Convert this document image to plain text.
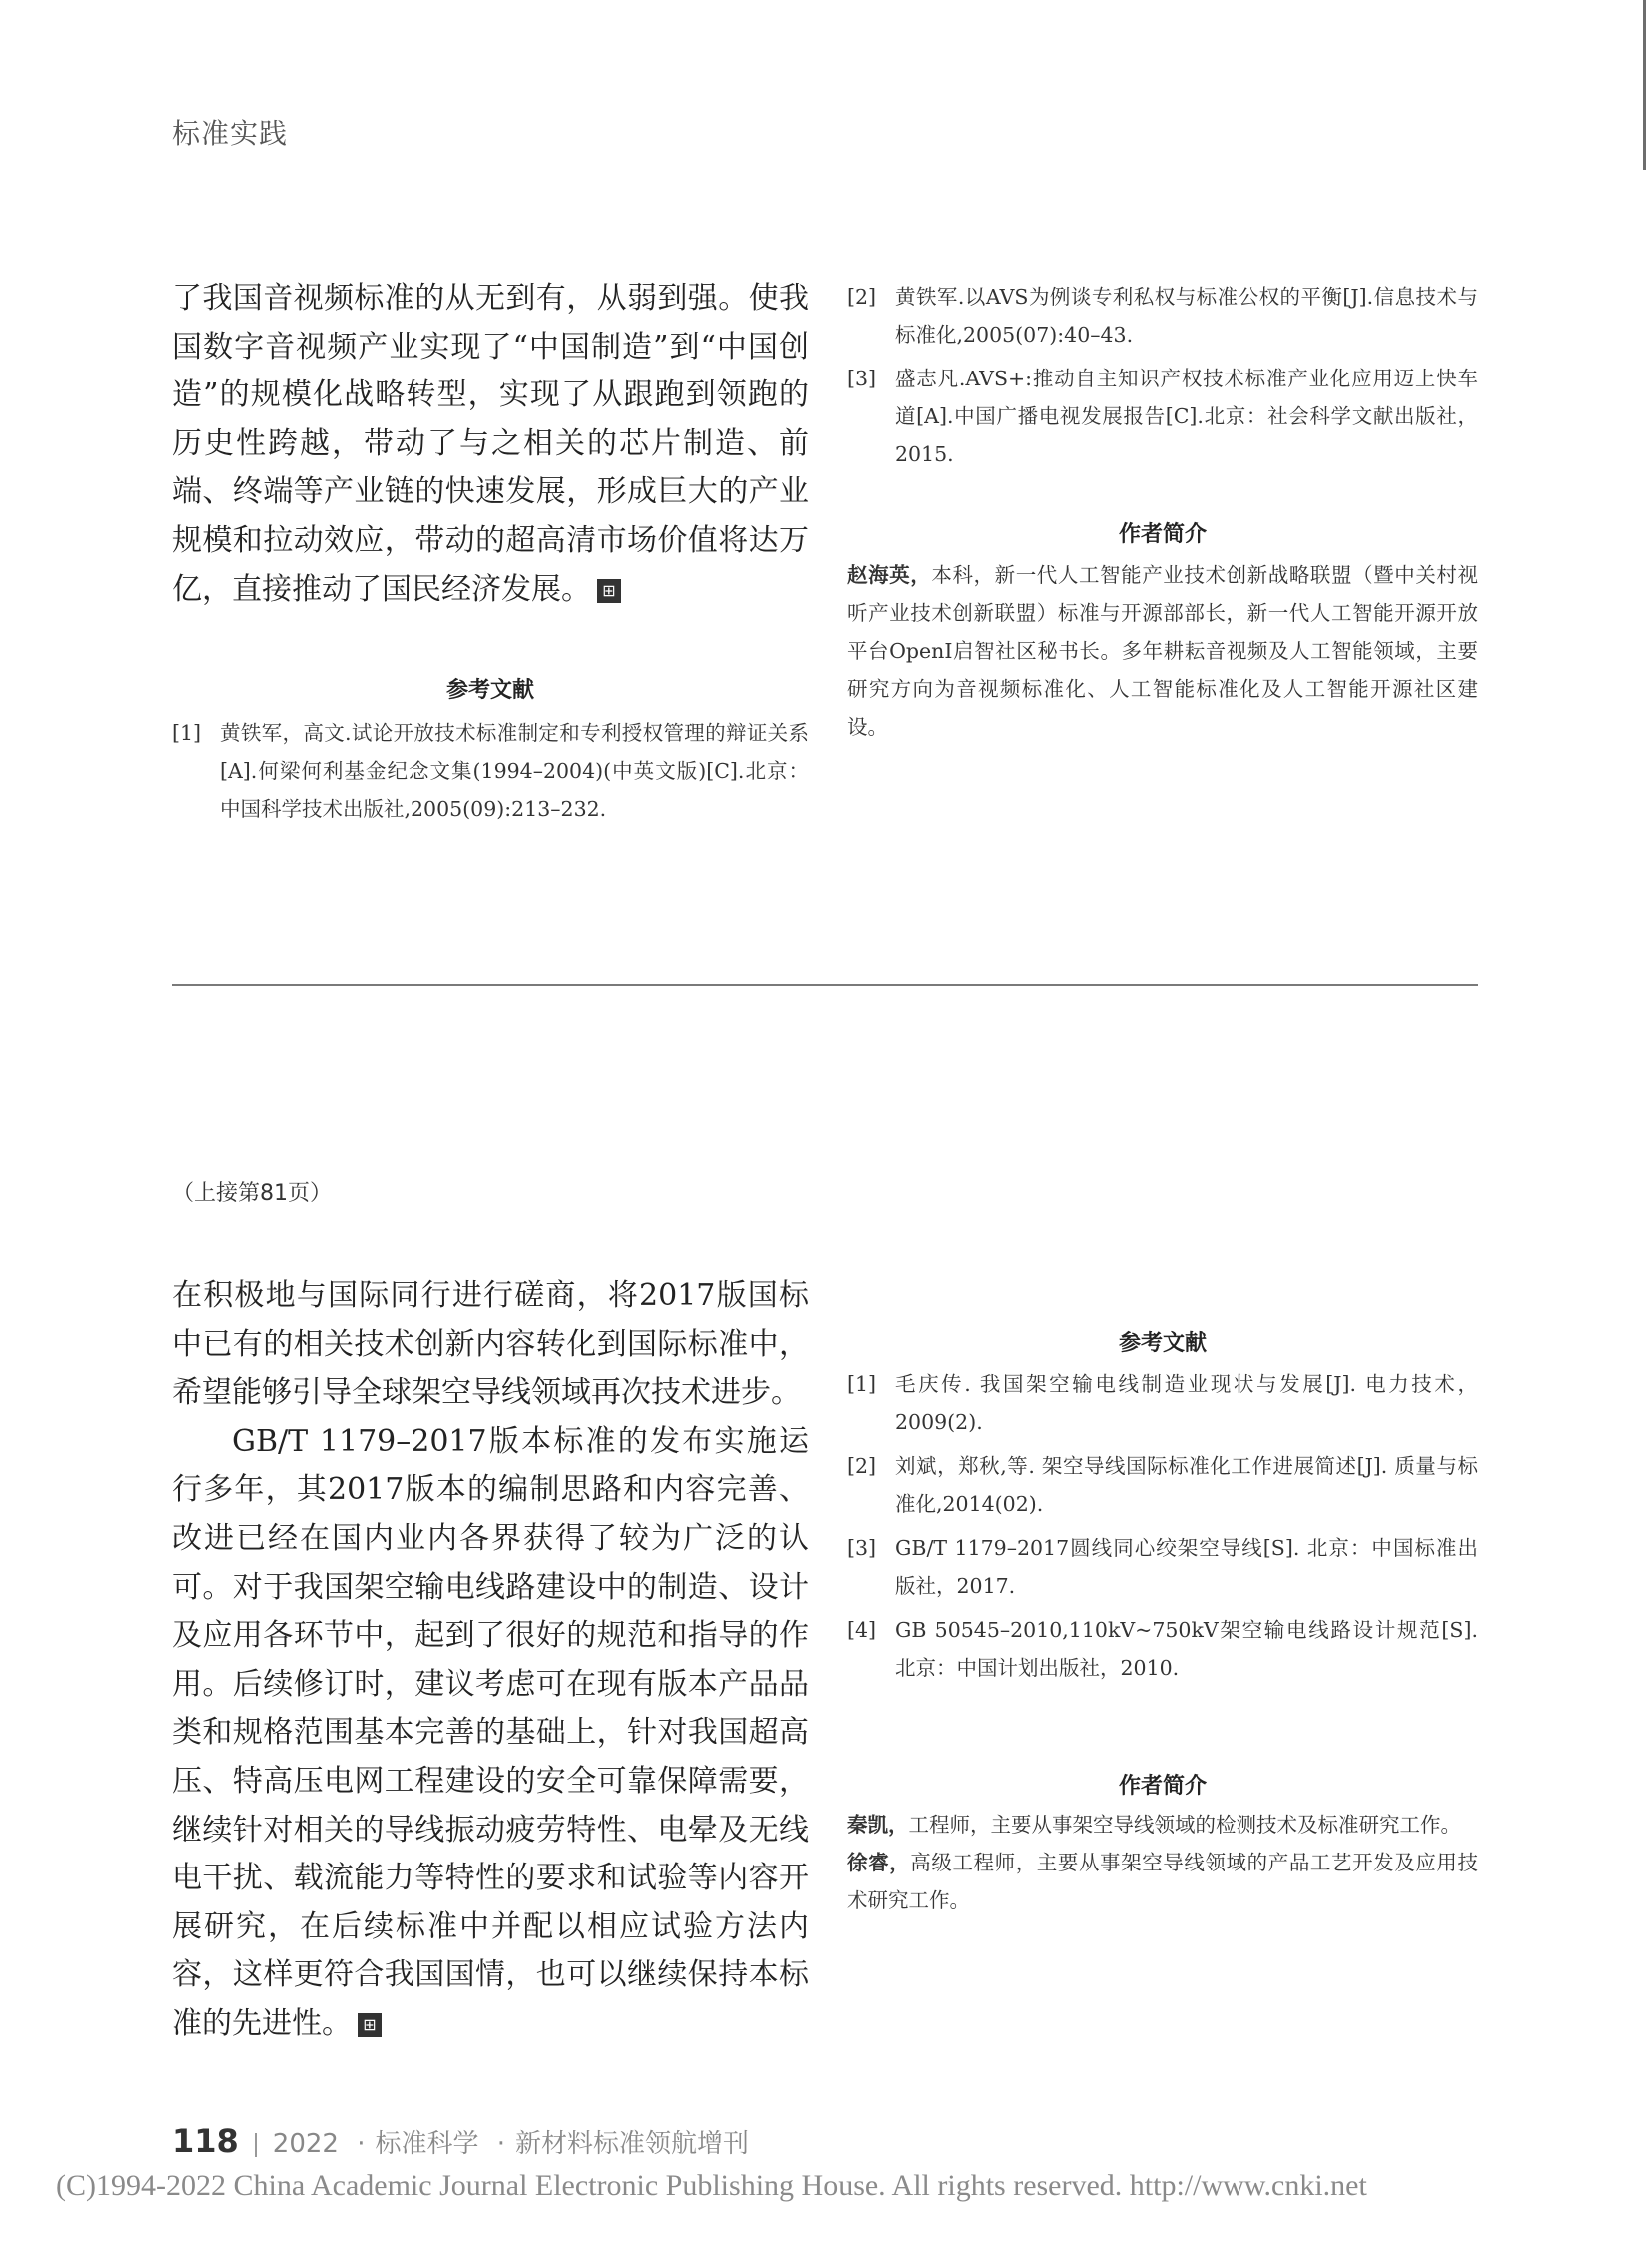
标准实践

了我国音视频标准的从无到有，从弱到强。使我国数字音视频产业实现了“中国制造”到“中国创造”的规模化战略转型，实现了从跟跑到领跑的历史性跨越，带动了与之相关的芯片制造、前端、终端等产业链的快速发展，形成巨大的产业规模和拉动效应，带动的超高清市场价值将达万亿，直接推动了国民经济发展。 ⊞

参考文献

[1] 黄铁军，高文.试论开放技术标准制定和专利授权管理的辩证关系 [A].何梁何利基金纪念文集(1994–2004)(中英文版)[C].北京：中国科学技术出版社,2005(09):213–232.
[2] 黄铁军.以AVS为例谈专利私权与标准公权的平衡[J].信息技术与标准化,2005(07):40–43.
[3] 盛志凡.AVS+:推动自主知识产权技术标准产业化应用迈上快车道[A].中国广播电视发展报告[C].北京：社会科学文献出版社，2015.

作者简介

赵海英，本科，新一代人工智能产业技术创新战略联盟（暨中关村视听产业技术创新联盟）标准与开源部部长，新一代人工智能开源开放平台OpenI启智社区秘书长。多年耕耘音视频及人工智能领域，主要研究方向为音视频标准化、人工智能标准化及人工智能开源社区建设。

（上接第81页）

在积极地与国际同行进行磋商，将2017版国标中已有的相关技术创新内容转化到国际标准中，希望能够引导全球架空导线领域再次技术进步。

GB/T 1179–2017版本标准的发布实施运行多年，其2017版本的编制思路和内容完善、改进已经在国内业内各界获得了较为广泛的认可。对于我国架空输电线路建设中的制造、设计及应用各环节中，起到了很好的规范和指导的作用。后续修订时，建议考虑可在现有版本产品品类和规格范围基本完善的基础上，针对我国超高压、特高压电网工程建设的安全可靠保障需要，继续针对相关的导线振动疲劳特性、电晕及无线电干扰、载流能力等特性的要求和试验等内容开展研究，在后续标准中并配以相应试验方法内容，这样更符合我国国情，也可以继续保持本标准的先进性。 ⊞

参考文献

[1] 毛庆传. 我国架空输电线制造业现状与发展[J]. 电力技术，2009(2).
[2] 刘斌，郑秋,等. 架空导线国际标准化工作进展简述[J]. 质量与标准化,2014(02).
[3] GB/T 1179–2017圆线同心绞架空导线[S]. 北京：中国标准出版社，2017.
[4] GB 50545–2010,110kV~750kV架空输电线路设计规范[S].北京：中国计划出版社，2010.

作者简介

秦凯，工程师，主要从事架空导线领域的检测技术及标准研究工作。

徐睿，高级工程师，主要从事架空导线领域的产品工艺开发及应用技术研究工作。

118 2022 · 标准科学 · 新材料标准领航增刊
(C)1994-2022 China Academic Journal Electronic Publishing House. All rights reserved. http://www.cnki.net
